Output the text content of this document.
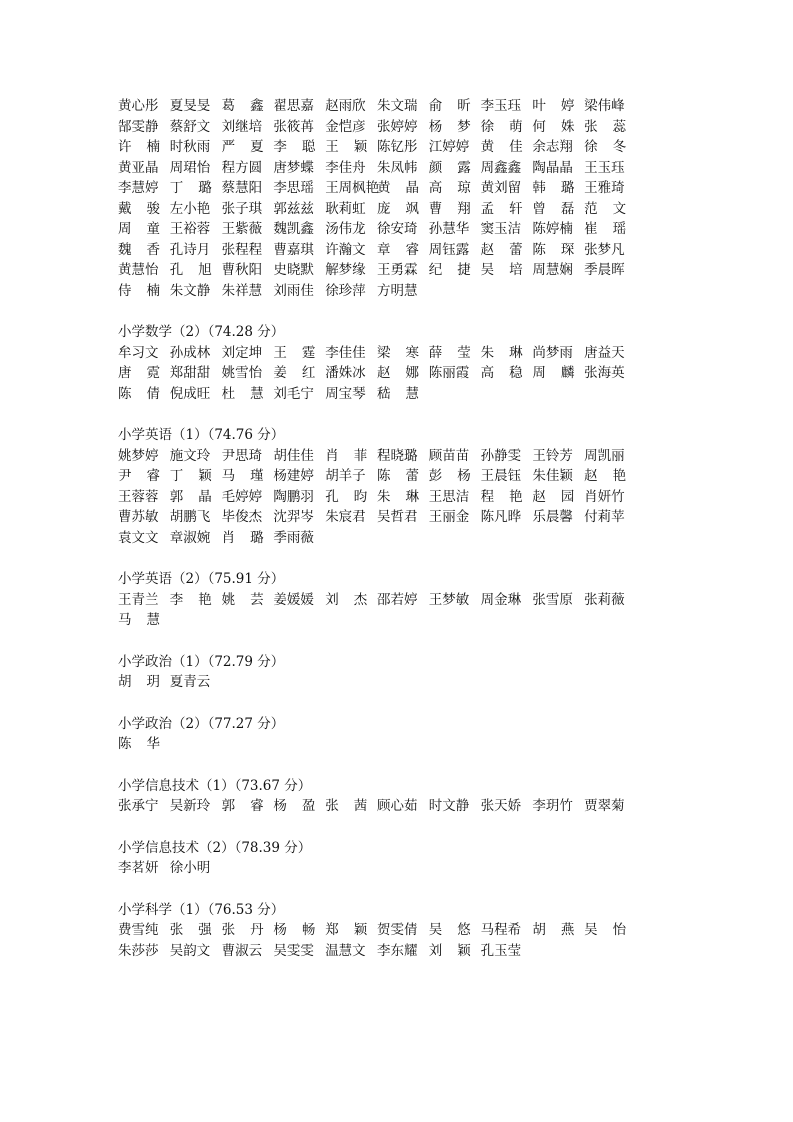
黄心彤 夏旻旻 葛 鑫 翟思嘉 赵雨欣 朱文瑞 俞 昕 李玉珏 叶 婷 梁伟峰
郜雯静 蔡舒文 刘继培 张筱苒 金恺彦 张婷婷 杨 梦 徐 萌 何 姝 张 蕊
许 楠 时秋雨 严 夏 李 聪 王 颖 陈钇彤 江婷婷 黄 佳 余志翔 徐 冬
黄亚晶 周珺怡 程方圆 唐梦蝶 李佳舟 朱凤帏 颜 露 周鑫鑫 陶晶晶 王玉珏
李慧婷 丁 璐 蔡慧阳 李思瑶 王周枫艳
黄 晶 高 琼 黄刘留 韩 璐 王雅琦
戴 骏 左小艳 张子琪 郭兹兹 耿莉虹 庞 飒 曹 翔 孟 轩 曾 磊 范 文
周 童 王裕蓉 王紫薇 魏凯鑫 汤伟龙 徐安琦 孙慧华 窦玉洁 陈婷楠 崔 瑶
魏 香 孔诗月 张程程 曹嘉琪 许瀚文 章 睿 周钰露 赵 蕾 陈 琛 张梦凡
黄慧怡 孔 旭 曹秋阳 史晓默 解梦缘 王勇霖 纪 捷 吴 培 周慧娴 季晨晖
侍 楠 朱文静 朱祥慧 刘雨佳 徐珍萍 方明慧
小学数学（2）（74.28 分）
牟习文 孙成林 刘定坤 王 霆 李佳佳 梁 寒 薛 莹 朱 琳 尚梦雨 唐益天
唐 霓 郑甜甜 姚雪怡 姜 红 潘姝冰 赵 娜 陈丽霞 高 稳 周 麟 张海英
陈 倩 倪成旺 杜 慧 刘毛宁 周宝琴 嵇 慧
小学英语（1）（74.76 分）
姚梦婷 施文玲 尹思琦 胡佳佳 肖 菲 程晓璐 顾苗苗 孙静雯 王铃芳 周凯丽
尹 睿 丁 颖 马 瑾 杨建婷 胡羊子 陈 蕾 彭 杨 王晨钰 朱佳颖 赵 艳
王蓉蓉 郭 晶 毛婷婷 陶鹏羽 孔 昀 朱 琳 王思洁 程 艳 赵 园 肖妍竹
曹苏敏 胡鹏飞 毕俊杰 沈羿岑 朱宸君 吴哲君 王丽金 陈凡晔 乐晨馨 付莉苹
袁文文 章淑婉 肖 璐 季雨薇
小学英语（2）（75.91 分）
王青兰 李 艳 姚 芸 姜媛媛 刘 杰 邵若婷 王梦敏 周金琳 张雪原 张莉薇
马 慧
小学政治（1）（72.79 分）
胡 玥 夏青云
小学政治（2）（77.27 分）
陈 华
小学信息技术（1）（73.67 分）
张承宁 吴新玲 郭 睿 杨 盈 张 茜 顾心茹 时文静 张天娇 李玥竹 贾翠菊
小学信息技术（2）（78.39 分）
李茗妍 徐小明
小学科学（1）（76.53 分）
费雪纯 张 强 张 丹 杨 畅 郑 颖 贺雯倩 吴 悠 马程希 胡 燕 吴 怡
朱莎莎 吴韵文 曹淑云 吴雯雯 温慧文 李东耀 刘 颖 孔玉莹
